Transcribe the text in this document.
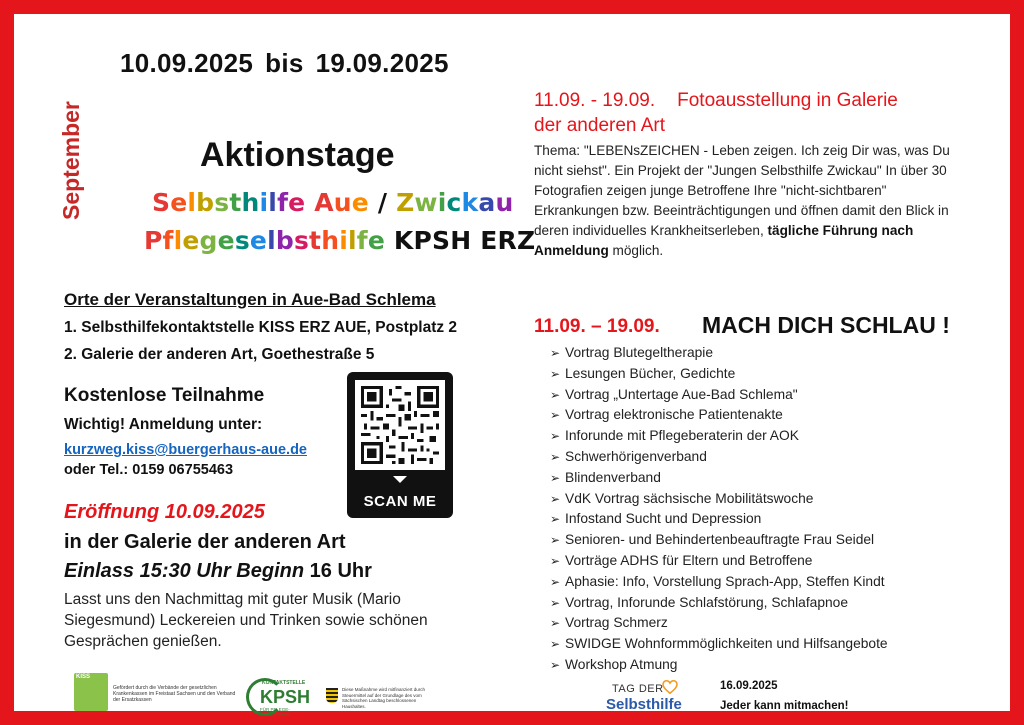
10.09.2025 bis 19.09.2025
September	Aktionstage
Selbsthilfe Aue / Zwickau
Pflegeselbsthilfe KPSH ERZ
Orte der Veranstaltungen in Aue-Bad Schlema
1. Selbsthilfekontaktstelle KISS ERZ AUE, Postplatz 2
2. Galerie der anderen Art, Goethestraße 5
Kostenlose Teilnahme
Wichtig! Anmeldung unter:
kurzweg.kiss@buergerhaus-aue.de
oder Tel.: 0159 06755463
SCAN ME
Eröffnung 10.09.2025
in der Galerie der anderen Art
Einlass 15:30 Uhr Beginn 16 Uhr
Lasst uns den Nachmittag mit guter Musik (Mario Siegesmund) Leckereien und Trinken sowie schönen Gesprächen genießen.
KISS
Gefördert durch die Verbände der gesetzlichen Krankenkassen im Freistaat Sachsen und den Verband der Ersatzkassen
KONTAKTSTELLE
KPSH
FÜR PFLEGE-SELBSTHILFE
Diese Maßnahme wird mitfinanziert durch Steuermittel auf der Grundlage des vom Sächsischen Landtag beschlossenen Haushaltes.
11.09. - 19.09. Fotoausstellung in Galerie
der anderen Art
Thema: "LEBENsZEICHEN - Leben zeigen. Ich zeig Dir was, was Du nicht siehst". Ein Projekt der "Jungen Selbsthilfe Zwickau" In über 30 Fotografien zeigen junge Betroffene Ihre "nicht-sichtbaren" Erkrankungen bzw. Beeinträchtigungen und öffnen damit den Blick in deren individuelles Krankheitserleben, tägliche Führung nach Anmeldung möglich.
11.09. – 19.09. MACH DICH SCHLAU !
➢ Vortrag Blutegeltherapie
➢ Lesungen Bücher, Gedichte
➢ Vortrag „Untertage Aue-Bad Schlema"
➢ Vortrag elektronische Patientenakte
➢ Inforunde mit Pflegeberaterin der AOK
➢ Schwerhörigenverband
➢ Blindenverband
➢ VdK Vortrag sächsische Mobilitätswoche
➢ Infostand Sucht und Depression
➢ Senioren- und Behindertenbeauftragte Frau Seidel
➢ Vorträge ADHS für Eltern und Betroffene
➢ Aphasie: Info, Vorstellung Sprach-App, Steffen Kindt
➢ Vortrag, Inforunde Schlafstörung, Schlafapnoe
➢ Vortrag Schmerz
➢ SWIDGE Wohnformmöglichkeiten und Hilfsangebote
➢ Workshop Atmung
TAG DER
Selbsthilfe
16.09.2025
Jeder kann mitmachen!
